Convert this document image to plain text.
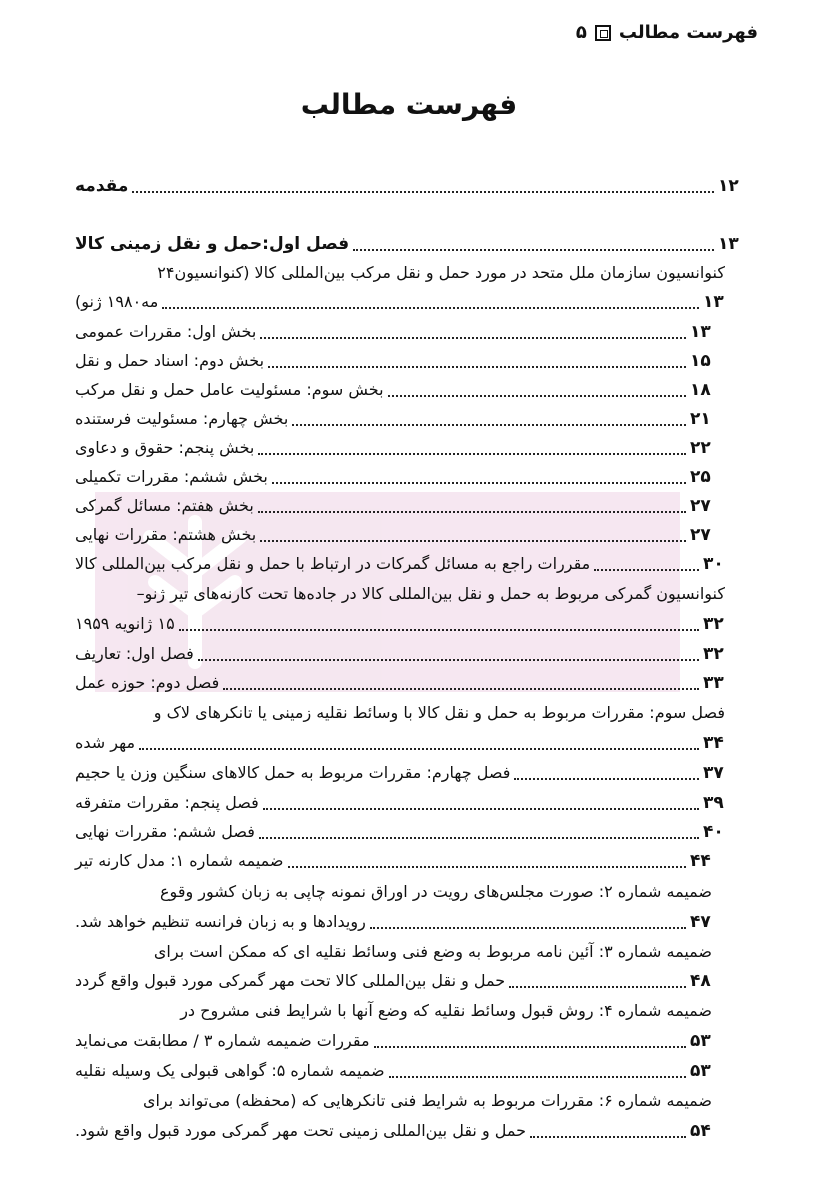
فهرست مطالب
۵
فهرست مطالب
مقدمه	۱۲
فصل اول:حمل و نقل زمینی کالا	۱۳
کنوانسیون سازمان ملل متحد در مورد حمل و نقل مرکب بین‌المللی کالا (کنوانسیون۲۴
مه۱۹۸۰ ژنو)	۱۳
بخش اول: مقررات عمومی	۱۳
بخش دوم: اسناد حمل و نقل	۱۵
بخش سوم: مسئولیت عامل حمل و نقل مرکب	۱۸
بخش چهارم: مسئولیت فرستنده	۲۱
بخش پنجم: حقوق و دعاوی	۲۲
بخش ششم: مقررات تکمیلی	۲۵
بخش هفتم: مسائل گمرکی	۲۷
بخش هشتم: مقررات نهایی	۲۷
مقررات راجع به مسائل گمرکات در ارتباط با حمل و نقل مرکب بین‌المللی کالا	۳۰
کنوانسیون گمرکی مربوط به حمل و نقل بین‌المللی کالا در جاده‌ها تحت کارنه‌های تیر ژنو–
۱۵ ژانویه ۱۹۵۹	۳۲
فصل اول: تعاریف	۳۲
فصل دوم: حوزه عمل	۳۳
فصل سوم: مقررات مربوط به حمل و نقل کالا با وسائط نقلیه زمینی یا تانکرهای لاک و
مهر شده	۳۴
فصل چهارم: مقررات مربوط به حمل کالاهای سنگین وزن یا حجیم	۳۷
فصل پنجم: مقررات متفرقه	۳۹
فصل ششم: مقررات نهایی	۴۰
ضمیمه شماره ۱: مدل کارنه تیر	۴۴
ضمیمه شماره ۲: صورت مجلس‌های رویت در اوراق نمونه چاپی به زبان کشور وقوع
رویدادها و به زبان فرانسه تنظیم خواهد شد.	۴۷
ضمیمه شماره ۳: آئین نامه مربوط به وضع فنی وسائط نقلیه ای که ممکن است برای
حمل و نقل بین‌المللی کالا تحت مهر گمرکی مورد قبول واقع گردد	۴۸
ضمیمه شماره ۴: روش قبول وسائط نقلیه که وضع آنها با شرایط فنی مشروح در
مقررات ضمیمه شماره ۳ / مطابقت می‌نماید	۵۳
ضمیمه شماره ۵: گواهی قبولی یک وسیله نقلیه	۵۳
ضمیمه شماره ۶: مقررات مربوط به شرایط فنی تانکرهایی که (محفظه) می‌تواند برای
حمل و نقل بین‌المللی زمینی تحت مهر گمرکی مورد قبول واقع شود.	۵۴
